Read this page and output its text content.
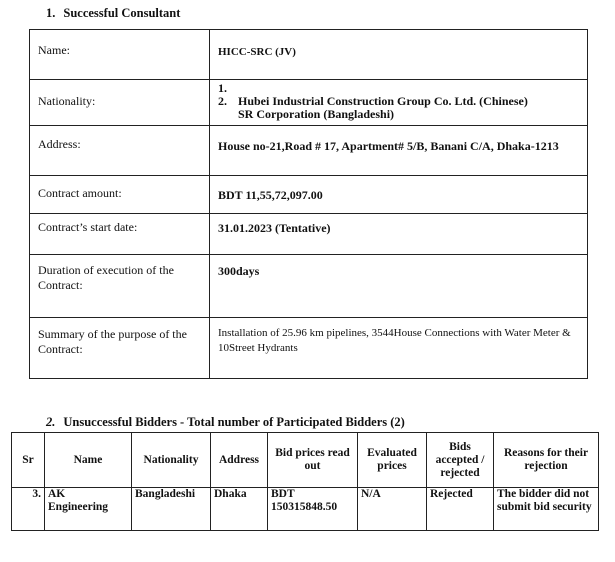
1. Successful Consultant
Name:	HICC-SRC (JV)

Nationality:	1.
2. Hubei Industrial Construction Group Co. Ltd. (Chinese)
SR Corporation (Bangladeshi)

Address:	House no-21,Road # 17, Apartment# 5/B, Banani C/A, Dhaka-1213

Contract amount:	BDT 11,55,72,097.00

Contract’s start date:	31.01.2023 (Tentative)

Duration of execution of the Contract:	300days

Summary of the purpose of the Contract:	Installation of 25.96 km pipelines, 3544House Connections with Water Meter & 10Street Hydrants
2. Unsuccessful Bidders - Total number of Participated Bidders (2)
Sr	Name	Nationality	Address	Bid prices read out	Evaluated prices	Bids accepted / rejected	Reasons for their rejection
3.	AK Engineering	Bangladeshi	Dhaka	BDT 150315848.50	N/A	Rejected	The bidder did not submit bid security
